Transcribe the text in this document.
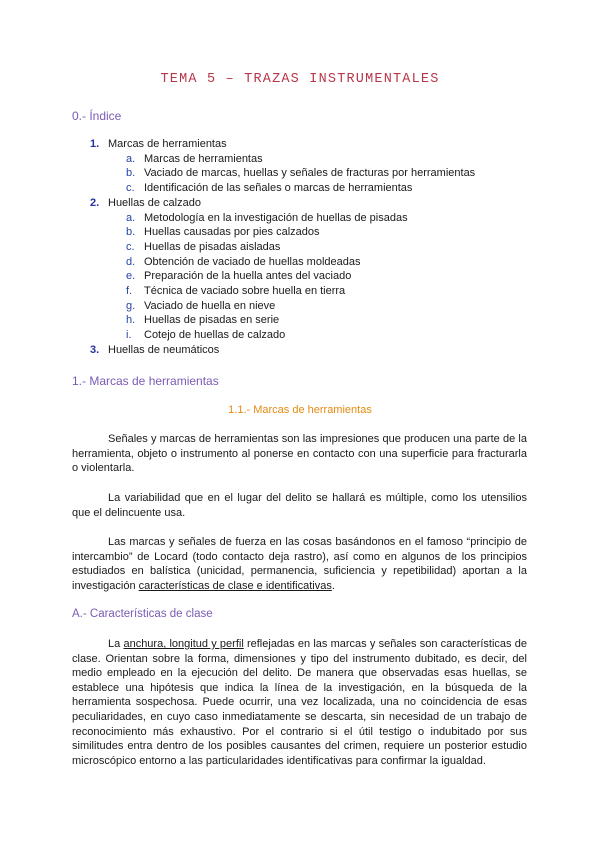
TEMA 5 – TRAZAS INSTRUMENTALES
0.- Índice
1. Marcas de herramientas
a. Marcas de herramientas
b. Vaciado de marcas, huellas y señales de fracturas por herramientas
c. Identificación de las señales o marcas de herramientas
2. Huellas de calzado
a. Metodología en la investigación de huellas de pisadas
b. Huellas causadas por pies calzados
c. Huellas de pisadas aisladas
d. Obtención de vaciado de huellas moldeadas
e. Preparación de la huella antes del vaciado
f. Técnica de vaciado sobre huella en tierra
g. Vaciado de huella en nieve
h. Huellas de pisadas en serie
i. Cotejo de huellas de calzado
3. Huellas de neumáticos
1.- Marcas de herramientas
1.1.- Marcas de herramientas
Señales y marcas de herramientas son las impresiones que producen una parte de la herramienta, objeto o instrumento al ponerse en contacto con una superficie para fracturarla o violentarla.
La variabilidad que en el lugar del delito se hallará es múltiple, como los utensilios que el delincuente usa.
Las marcas y señales de fuerza en las cosas basándonos en el famoso “principio de intercambio” de Locard (todo contacto deja rastro), así como en algunos de los principios estudiados en balística (unicidad, permanencia, suficiencia y repetibilidad) aportan a la investigación características de clase e identificativas.
A.- Características de clase
La anchura, longitud y perfil reflejadas en las marcas y señales son características de clase. Orientan sobre la forma, dimensiones y tipo del instrumento dubitado, es decir, del medio empleado en la ejecución del delito. De manera que observadas esas huellas, se establece una hipótesis que indica la línea de la investigación, en la búsqueda de la herramienta sospechosa. Puede ocurrir, una vez localizada, una no coincidencia de esas peculiaridades, en cuyo caso inmediatamente se descarta, sin necesidad de un trabajo de reconocimiento más exhaustivo. Por el contrario si el útil testigo o indubitado por sus similitudes entra dentro de los posibles causantes del crimen, requiere un posterior estudio microscópico entorno a las particularidades identificativas para confirmar la igualdad.
